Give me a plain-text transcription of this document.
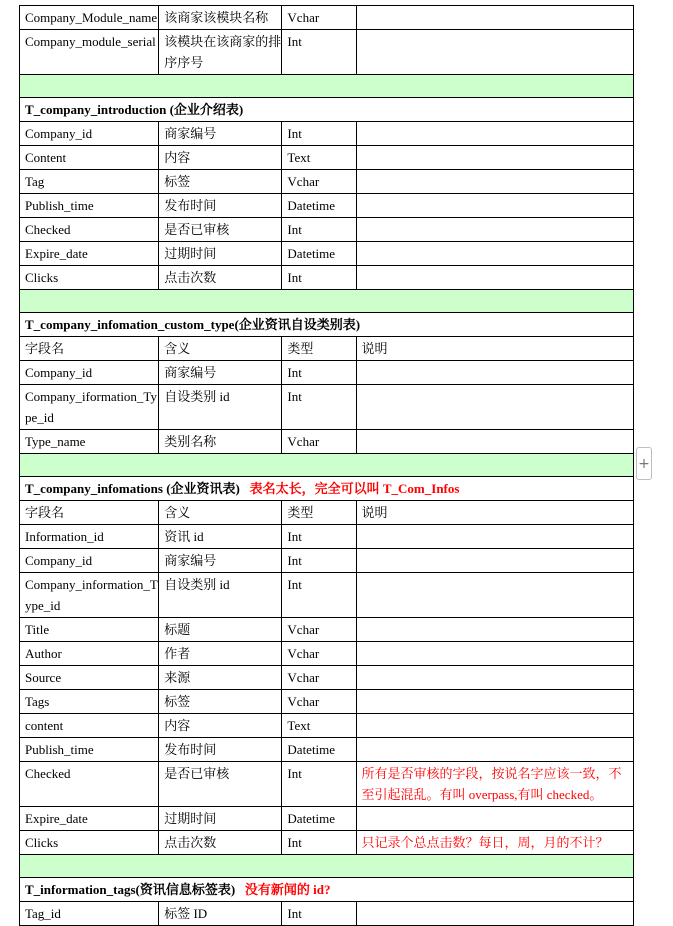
Company_Module_name	该商家该模块名称	Vchar	
Company_module_serial	该模块在该商家的排序序号	Int	

T_company_introduction (企业介绍表)			
Company_id	商家编号	Int	
Content	内容	Text	
Tag	标签	Vchar	
Publish_time	发布时间	Datetime	
Checked	是否已审核	Int	
Expire_date	过期时间	Datetime	
Clicks	点击次数	Int	

T_company_infomation_custom_type(企业资讯自设类别表)			
字段名	含义	类型	说明
Company_id	商家编号	Int	
Company_iformation_Type_id	自设类别 id	Int	
Type_name	类别名称	Vchar	

T_company_infomations (企业资讯表) 表名太长，完全可以叫 T_Com_Infos			
字段名	含义	类型	说明
Information_id	资讯 id	Int	
Company_id	商家编号	Int	
Company_information_Type_id	自设类别 id	Int	
Title	标题	Vchar	
Author	作者	Vchar	
Source	来源	Vchar	
Tags	标签	Vchar	
content	内容	Text	
Publish_time	发布时间	Datetime	
Checked	是否已审核	Int	所有是否审核的字段，按说名字应该一致，不至引起混乱。有叫 overpass,有叫 checked。
Expire_date	过期时间	Datetime	
Clicks	点击次数	Int	只记录个总点击数？每日，周，月的不计？

T_information_tags(资讯信息标签表) 没有新闻的 id?			
Tag_id	标签 ID	Int	
+
